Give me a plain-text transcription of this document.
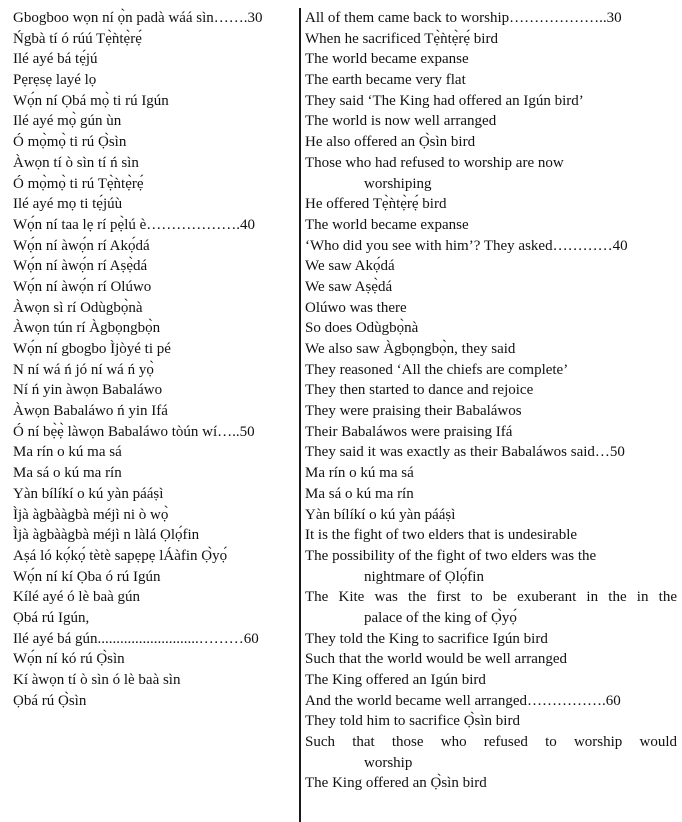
Gbogboo wọn ní ọ̀n padà wáá sìn…….30
Ńgbà tí ó rúú Tẹ̀ǹtẹ̀rẹ́
Ilé ayé bá tẹ́jú
Pẹrẹsẹ layé lọ
Wọ́n ní Ọbá mọ̀ ti rú Igún
Ilé ayé mọ̀ gún ùn
Ó mọ̀mọ̀ ti rú Ọ̀sìn
Àwọn tí ò sìn tí ń sìn
Ó mọ̀mọ̀ ti rú Tẹ̀ǹtẹ̀rẹ́
Ilé ayé mọ ti tẹ́júù
Wọ́n ní taa lẹ rí pẹ̀lú è……………….40
Wọ́n ní àwọ́n rí Akọ́dá
Wọ́n ní àwọ́n rí Aṣẹ̀dá
Wọ́n ní àwọ́n rí Olúwo
Àwọn sì rí Odùgbọ̀nà
Àwọn tún rí Àgbọngbọ̀n
Wọ́n ní gbogbo Ìjòyé ti pé
N ní wá ń jó ní wá ń yọ̀
Ní ń yin àwọn Babaláwo
Àwọn Babaláwo ń yin Ifá
Ó ní bẹ̀ẹ̀ làwọn Babaláwo tòún wí…..50
Ma rín o kú ma sá
Ma sá o kú ma rín
Yàn bílíkí o kú yàn pááṣì
Ìjà àgbààgbà méjì ni ò wọ̀
Ìjà àgbààgbà méjì n làlá Ọlọ́fin
Aṣá ló kọ́kọ́ tètè sapẹpẹ lÁàfin Ọ̀yọ́
Wọ́n ní kí Ọba ó rú Igún
Kílé ayé ó lè baà gún
Ọbá rú Igún,
Ilé ayé bá gún...........................………60
Wọ́n ní kó rú Ọ̀sìn
Kí àwọn tí ò sìn ó lè baà sìn
Ọbá rú Ọ̀sìn
All of them came back to worship………………..30
When he sacrificed Tẹ̀ǹtẹ̀rẹ́ bird
The world became expanse
The earth became very flat
They said ‘The King had offered an Igún bird’
The world is now well arranged
He also offered an Ọ̀sìn bird
Those who had refused to worship are now
worshiping
He offered Tẹ̀ǹtẹ̀rẹ́ bird
The world became expanse
‘Who did you see with him’? They asked…………40
We saw Akọ́dá
We saw Aṣẹ̀dá
Olúwo was there
So does Odùgbọ̀nà
We also saw Àgbọngbọ̀n, they said
They reasoned ‘All the chiefs are complete’
They then started to dance and rejoice
They were praising their Babaláwos
Their Babaláwos were praising Ifá
They said it was exactly as their Babaláwos said…50
Ma rín o kú ma sá
Ma sá o kú ma rín
Yàn bílíkí o kú yàn pááṣì
It is the fight of two elders that is undesirable
The possibility of the fight of two elders was the
nightmare of Ọlọ́fin
The Kite was the first to be exuberant in the in the
palace of the king of Ọ̀yọ́
They told the King to sacrifice Igún bird
Such that the world would be well arranged
The King offered an Igún bird
And the world became well arranged…………….60
They told him to sacrifice Ọ̀sìn bird
Such that those who refused to worship would
worship
The King offered an Ọ̀sìn bird
